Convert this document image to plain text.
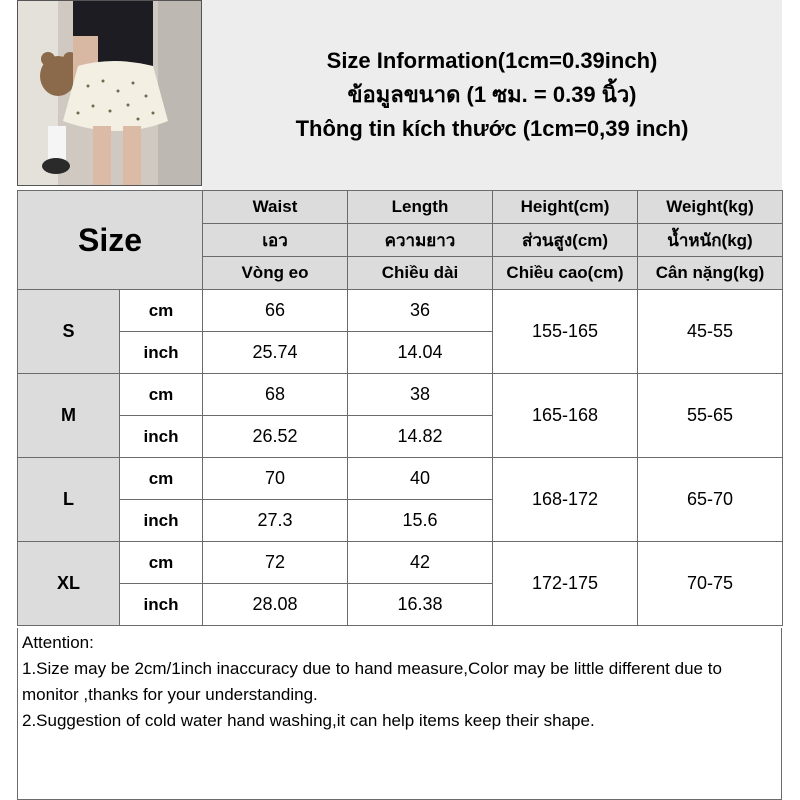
Size Information(1cm=0.39inch)
ข้อมูลขนาด (1 ซม. = 0.39 นิ้ว)
Thông tin kích thước (1cm=0,39 inch)
Size		Waist	Length	Height(cm)	Weight(kg)
		เอว	ความยาว	ส่วนสูง(cm)	น้ำหนัก(kg)
		Vòng eo	Chiều dài	Chiều cao(cm)	Cân nặng(kg)
S	cm	66	36	155-165	45-55
	inch	25.74	14.04		
M	cm	68	38	165-168	55-65
	inch	26.52	14.82		
L	cm	70	40	168-172	65-70
	inch	27.3	15.6		
XL	cm	72	42	172-175	70-75
	inch	28.08	16.38		

Attention:

1.Size may be 2cm/1inch inaccuracy due to hand measure,Color may be little different due to monitor ,thanks for your understanding.

2.Suggestion of cold water hand washing,it can help items keep their shape.
